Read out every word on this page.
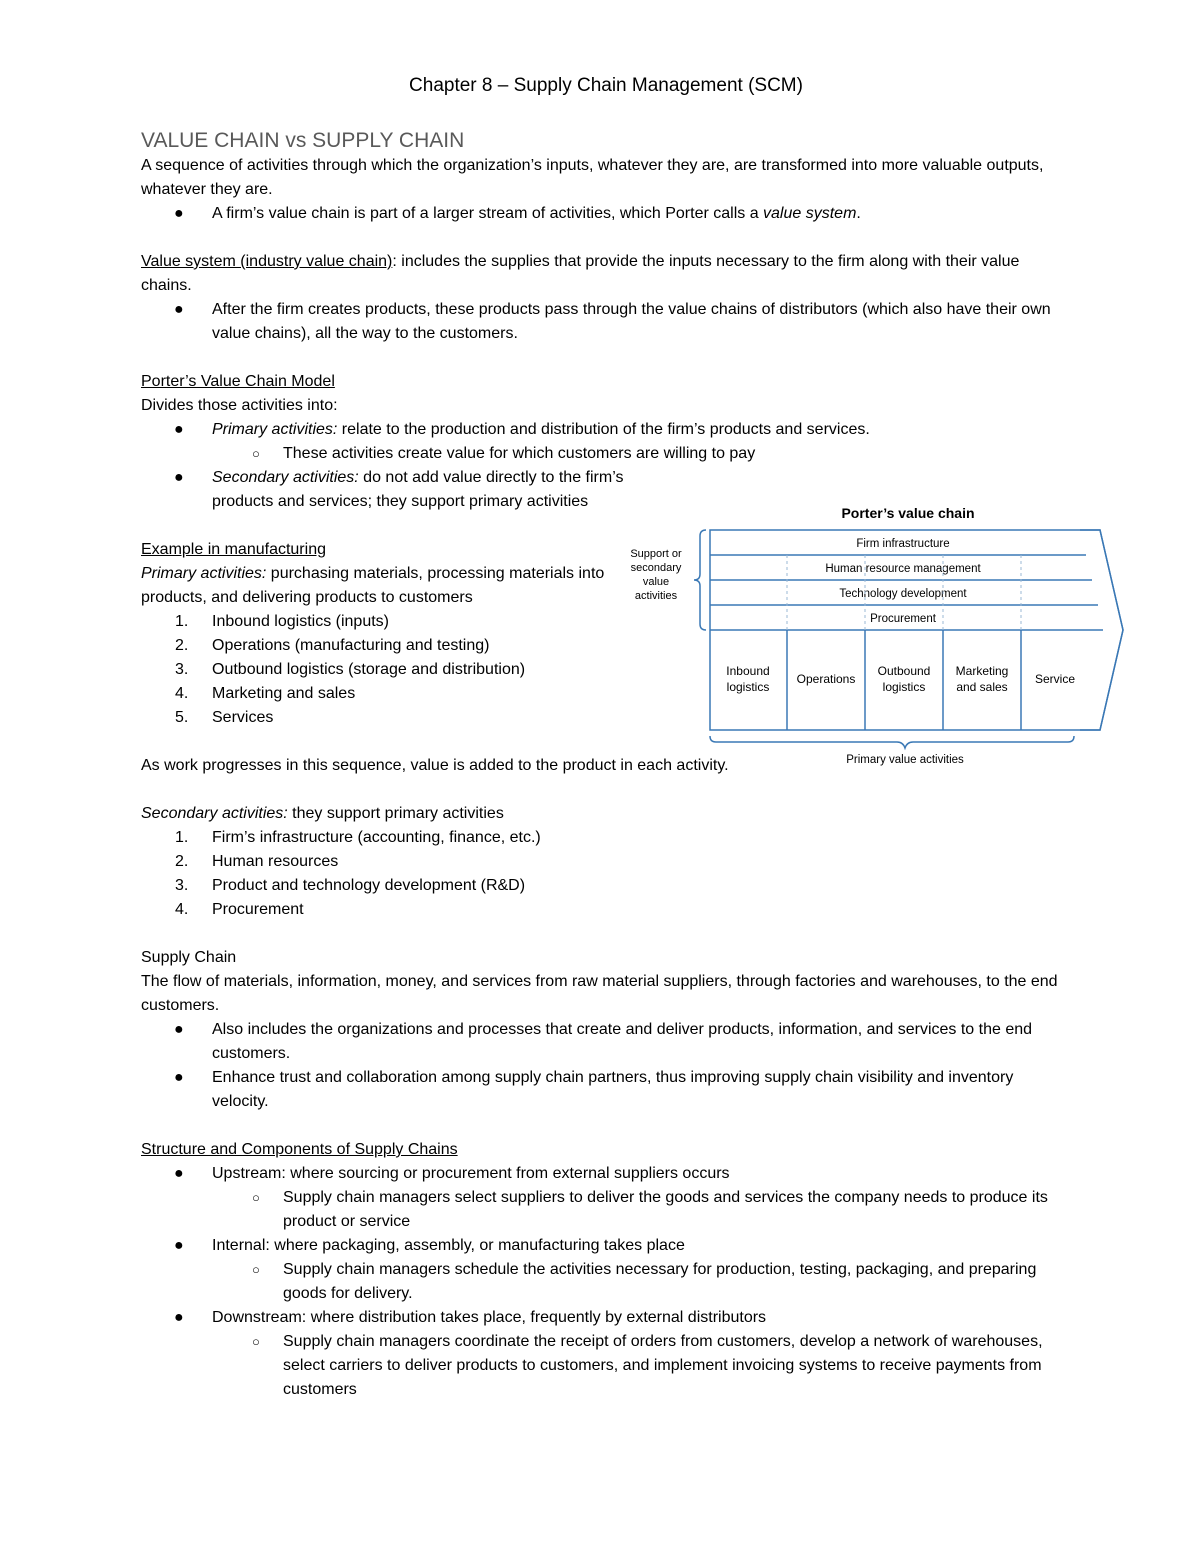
Chapter 8 – Supply Chain Management (SCM)

VALUE CHAIN vs SUPPLY CHAIN

A sequence of activities through which the organization’s inputs, whatever they are, are transformed into more valuable outputs, whatever they are.

● A firm’s value chain is part of a larger stream of activities, which Porter calls a value system.

Value system (industry value chain): includes the supplies that provide the inputs necessary to the firm along with their value chains.

● After the firm creates products, these products pass through the value chains of distributors (which also have their own value chains), all the way to the customers.

Porter’s Value Chain Model

Divides those activities into:

● Primary activities: relate to the production and distribution of the firm’s products and services.
○ These activities create value for which customers are willing to pay
● Secondary activities: do not add value directly to the firm’s products and services; they support primary activities

Example in manufacturing

Primary activities: purchasing materials, processing materials into products, and delivering products to customers

1. Inbound logistics (inputs)
2. Operations (manufacturing and testing)
3. Outbound logistics (storage and distribution)
4. Marketing and sales
5. Services

As work progresses in this sequence, value is added to the product in each activity.

Secondary activities: they support primary activities

1. Firm’s infrastructure (accounting, finance, etc.)
2. Human resources
3. Product and technology development (R&D)
4. Procurement

Supply Chain

The flow of materials, information, money, and services from raw material suppliers, through factories and warehouses, to the end customers.

● Also includes the organizations and processes that create and deliver products, information, and services to the end customers.
● Enhance trust and collaboration among supply chain partners, thus improving supply chain visibility and inventory velocity.

Structure and Components of Supply Chains

● Upstream: where sourcing or procurement from external suppliers occurs
○ Supply chain managers select suppliers to deliver the goods and services the company needs to produce its product or service
● Internal: where packaging, assembly, or manufacturing takes place
○ Supply chain managers schedule the activities necessary for production, testing, packaging, and preparing goods for delivery.
● Downstream: where distribution takes place, frequently by external distributors
○ Supply chain managers coordinate the receipt of orders from customers, develop a network of warehouses, select carriers to deliver products to customers, and implement invoicing systems to receive payments from customers
Porter’s value chain
Support or
secondary
value
activities
Firm infrastructure
Human resource management
Technology development
Procurement
Inbound
logistics
Operations
Outbound
logistics
Marketing
and sales
Service
Primary value activities
